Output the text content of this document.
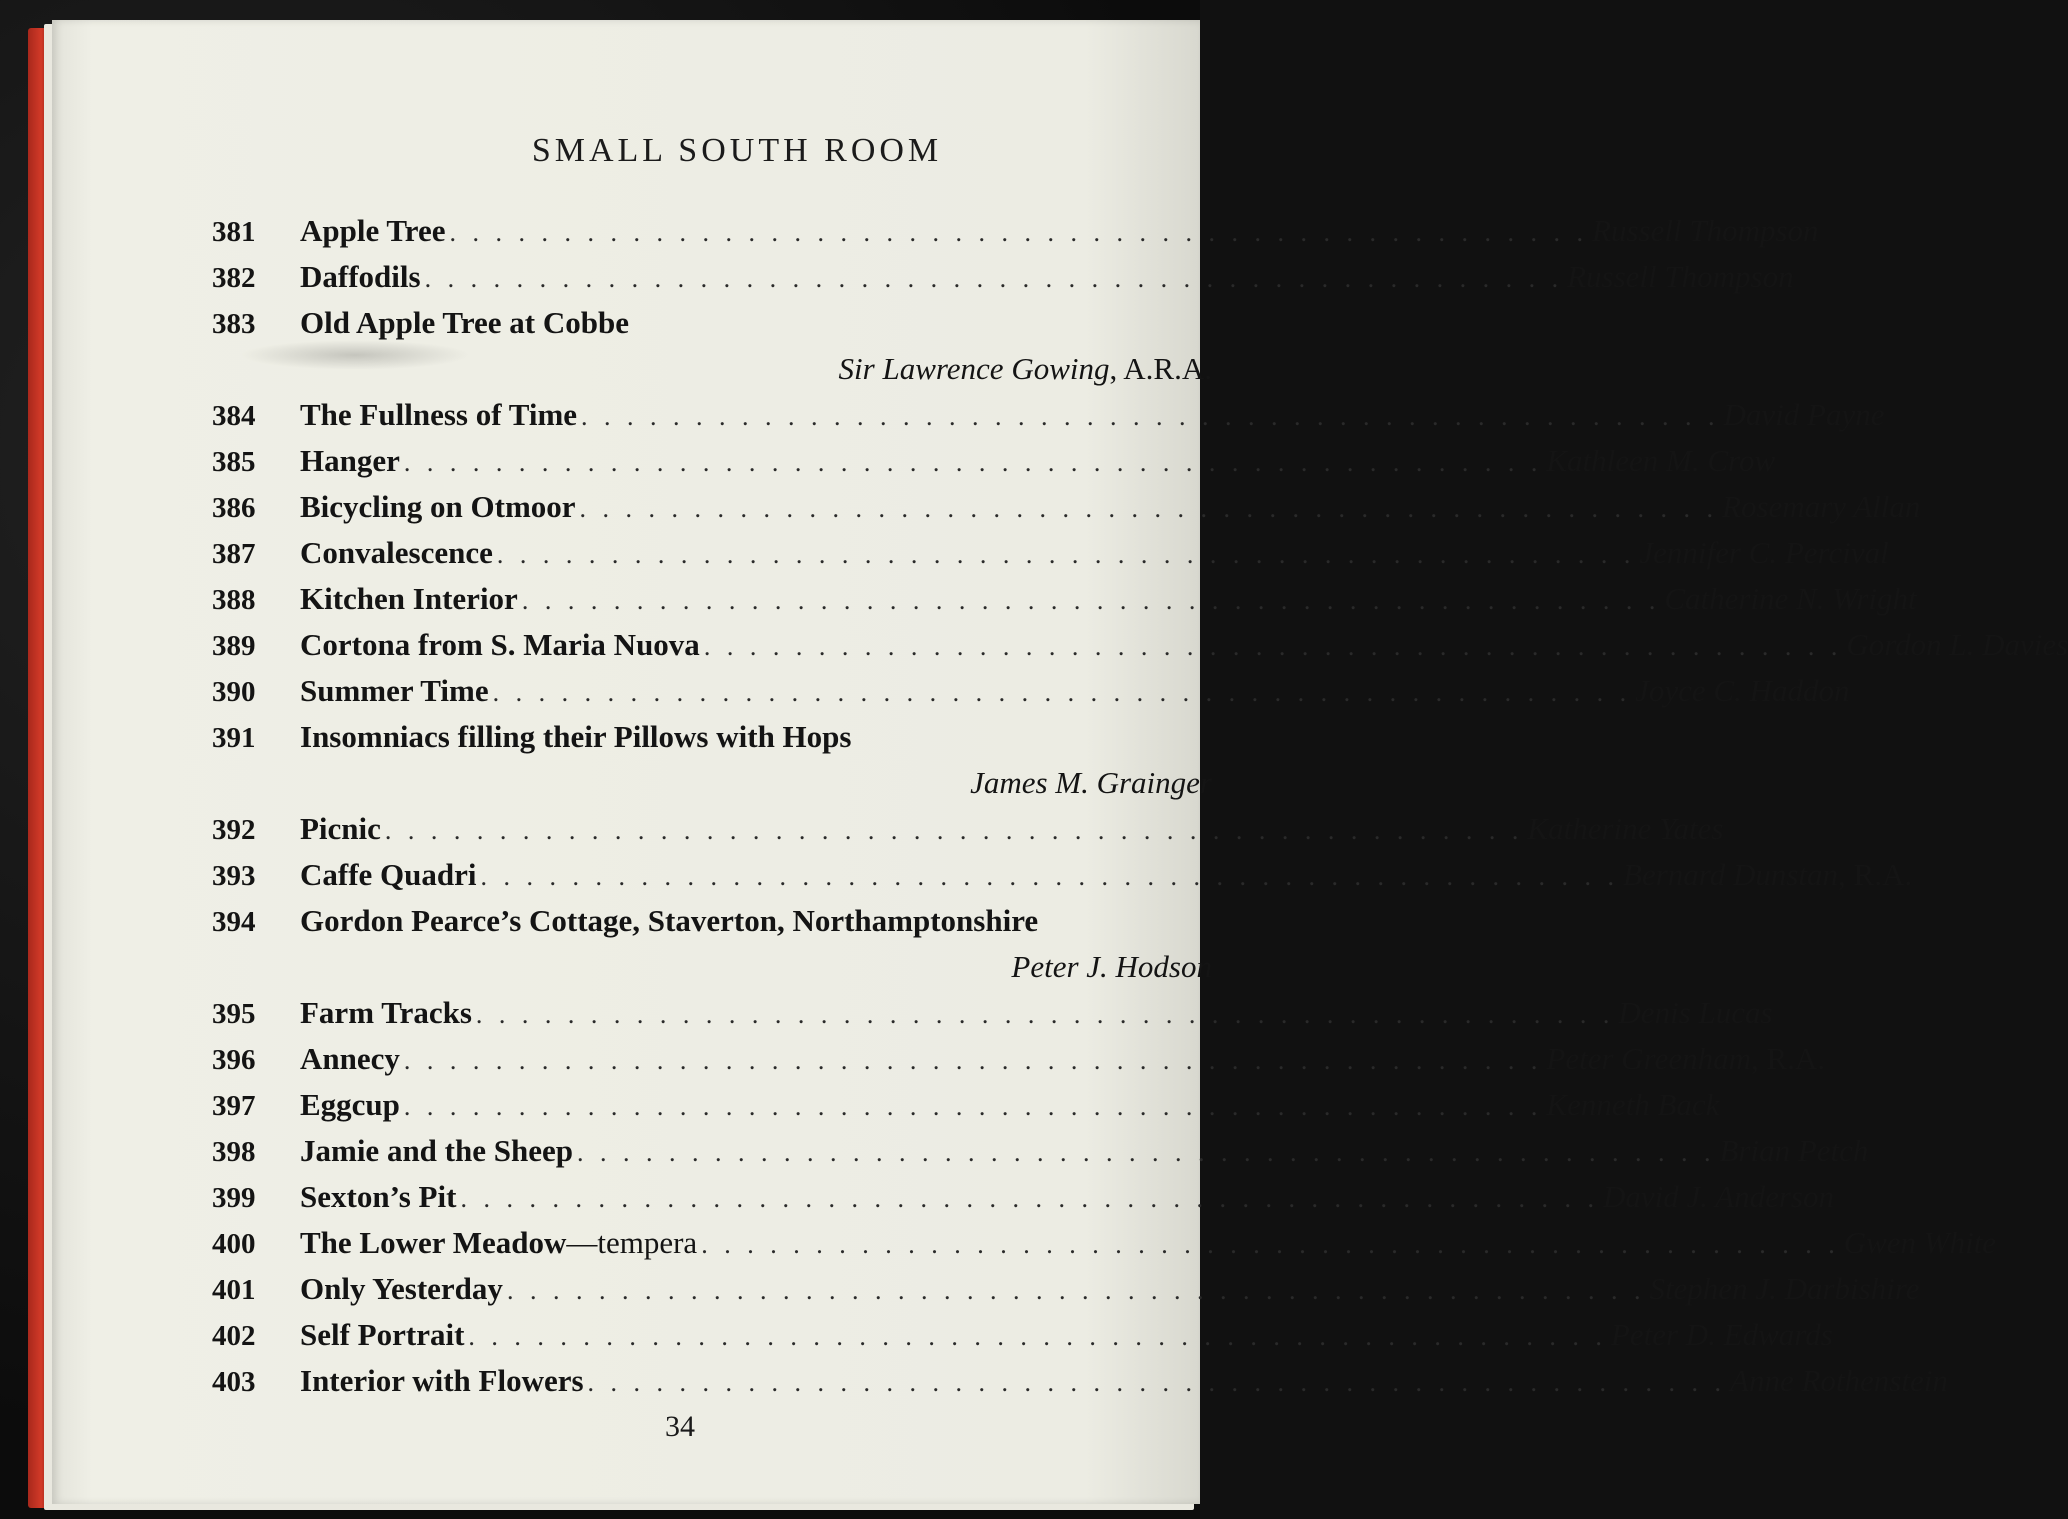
SMALL SOUTH ROOM
381	Apple Tree . . . . . . . . . . . . . . . . . . . . . . . . . . . . . . . . . . . . . . . . . . . . . . . . . . Russell Thompson
382	Daffodils . . . . . . . . . . . . . . . . . . . . . . . . . . . . . . . . . . . . . . . . . . . . . . . . . . Russell Thompson
383	Old Apple Tree at Cobbe
Sir Lawrence Gowing, A.R.A.
384	The Fullness of Time . . . . . . . . . . . . . . . . . . . . . . . . . . . . . . . . . . . . . . . . . . . . . . . . . . David Payne
385	Hanger . . . . . . . . . . . . . . . . . . . . . . . . . . . . . . . . . . . . . . . . . . . . . . . . . . Kathleen M. Crow
386	Bicycling on Otmoor . . . . . . . . . . . . . . . . . . . . . . . . . . . . . . . . . . . . . . . . . . . . . . . . . . Rosemary Allan
387	Convalescence . . . . . . . . . . . . . . . . . . . . . . . . . . . . . . . . . . . . . . . . . . . . . . . . . . Jennifer C. Percival
388	Kitchen Interior . . . . . . . . . . . . . . . . . . . . . . . . . . . . . . . . . . . . . . . . . . . . . . . . . . Catherine N. Wright
389	Cortona from S. Maria Nuova . . . . . . . . . . . . . . . . . . . . . . . . . . . . . . . . . . . . . . . . . . . . . . . . . . Gordon L. Davies
390	Summer Time . . . . . . . . . . . . . . . . . . . . . . . . . . . . . . . . . . . . . . . . . . . . . . . . . . Joyce C. Haddon
391	Insomniacs filling their Pillows with Hops
James M. Grainger
392	Picnic . . . . . . . . . . . . . . . . . . . . . . . . . . . . . . . . . . . . . . . . . . . . . . . . . . Katherine Yates
393	Caffe Quadri . . . . . . . . . . . . . . . . . . . . . . . . . . . . . . . . . . . . . . . . . . . . . . . . . . Bernard Dunstan, R.A.
394	Gordon Pearce’s Cottage, Staverton, Northamptonshire
Peter J. Hodson
395	Farm Tracks . . . . . . . . . . . . . . . . . . . . . . . . . . . . . . . . . . . . . . . . . . . . . . . . . . Denis Lucas
396	Annecy . . . . . . . . . . . . . . . . . . . . . . . . . . . . . . . . . . . . . . . . . . . . . . . . . . Peter Greenham, R.A.
397	Eggcup . . . . . . . . . . . . . . . . . . . . . . . . . . . . . . . . . . . . . . . . . . . . . . . . . . Kenneth Back
398	Jamie and the Sheep . . . . . . . . . . . . . . . . . . . . . . . . . . . . . . . . . . . . . . . . . . . . . . . . . . Brian Petch
399	Sexton’s Pit . . . . . . . . . . . . . . . . . . . . . . . . . . . . . . . . . . . . . . . . . . . . . . . . . . David J. Anderson
400	The Lower Meadow —tempera . . . . . . . . . . . . . . . . . . . . . . . . . . . . . . . . . . . . . . . . . . . . . . . . . . Gwen White
401	Only Yesterday . . . . . . . . . . . . . . . . . . . . . . . . . . . . . . . . . . . . . . . . . . . . . . . . . . Stephen J. Darbishire
402	Self Portrait . . . . . . . . . . . . . . . . . . . . . . . . . . . . . . . . . . . . . . . . . . . . . . . . . . Peter D. Edwards
403	Interior with Flowers . . . . . . . . . . . . . . . . . . . . . . . . . . . . . . . . . . . . . . . . . . . . . . . . . . Anne Rothenstein
34
